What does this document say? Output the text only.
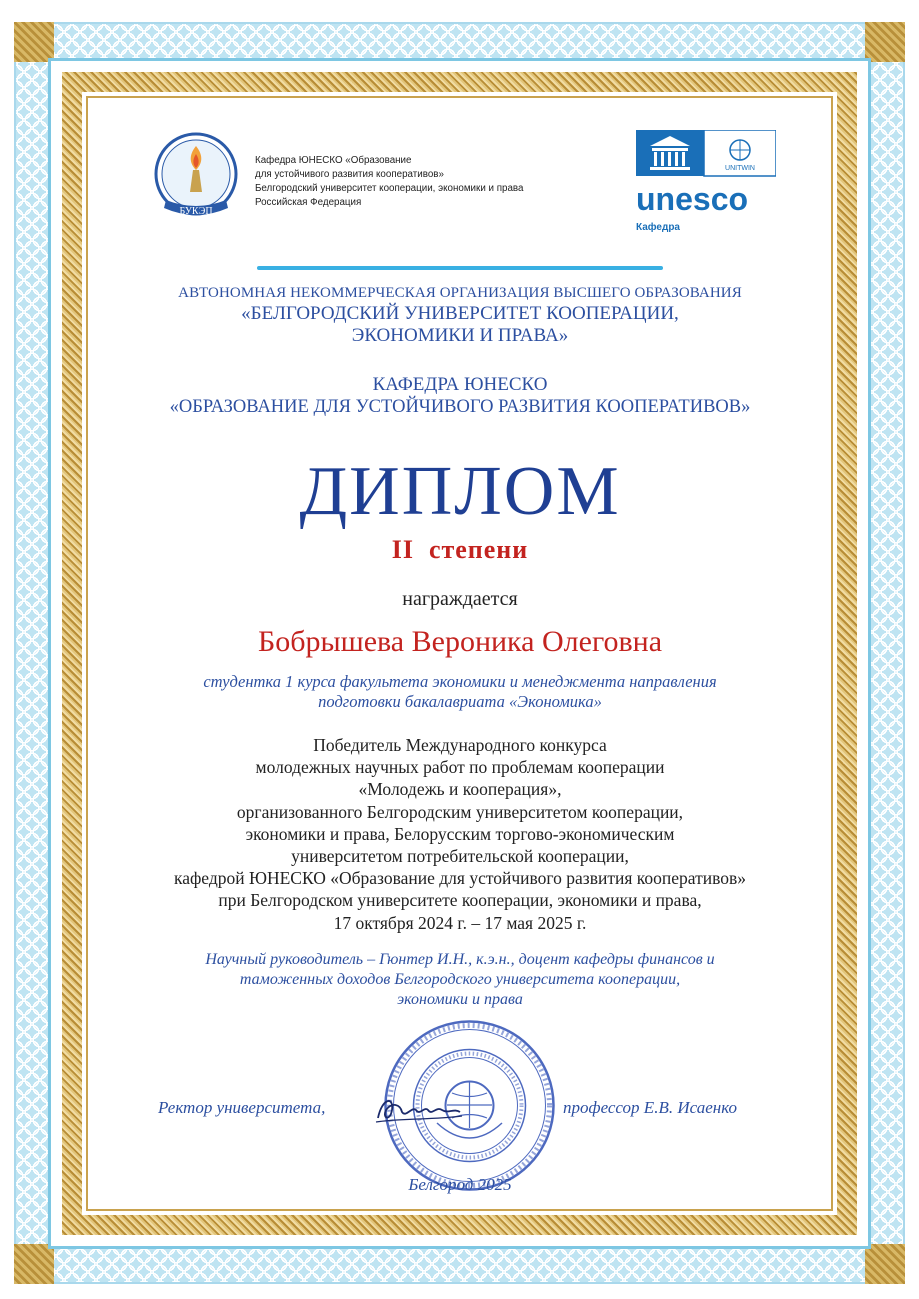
БУКЭП
Кафедра ЮНЕСКО «Образование
для устойчивого развития кооперативов»
Белгородский университет кооперации, экономики и права
Российская Федерация
UNITWIN
unesco
Кафедра
АВТОНОМНАЯ НЕКОММЕРЧЕСКАЯ ОРГАНИЗАЦИЯ ВЫСШЕГО ОБРАЗОВАНИЯ
«БЕЛГОРОДСКИЙ УНИВЕРСИТЕТ КООПЕРАЦИИ,
ЭКОНОМИКИ И ПРАВА»
КАФЕДРА ЮНЕСКО
«ОБРАЗОВАНИЕ ДЛЯ УСТОЙЧИВОГО РАЗВИТИЯ КООПЕРАТИВОВ»
ДИПЛОМ
II  степени
награждается
Бобрышева Вероника Олеговна
студентка 1 курса факультета экономики и менеджмента направления
подготовки бакалавриата «Экономика»
Победитель Международного конкурса
молодежных научных работ по проблемам кооперации
«Молодежь и кооперация»,
организованного Белгородским университетом кооперации,
экономики и права, Белорусским торгово-экономическим
университетом потребительской кооперации,
кафедрой ЮНЕСКО «Образование для устойчивого развития кооперативов»
при Белгородском университете кооперации, экономики и права,
17 октября 2024 г. – 17 мая 2025 г.
Научный руководитель – Гюнтер И.Н., к.э.н., доцент кафедры финансов и
таможенных доходов Белгородского университета кооперации,
экономики и права
Ректор университета,	профессор Е.В. Исаенко
Белгород 2025
